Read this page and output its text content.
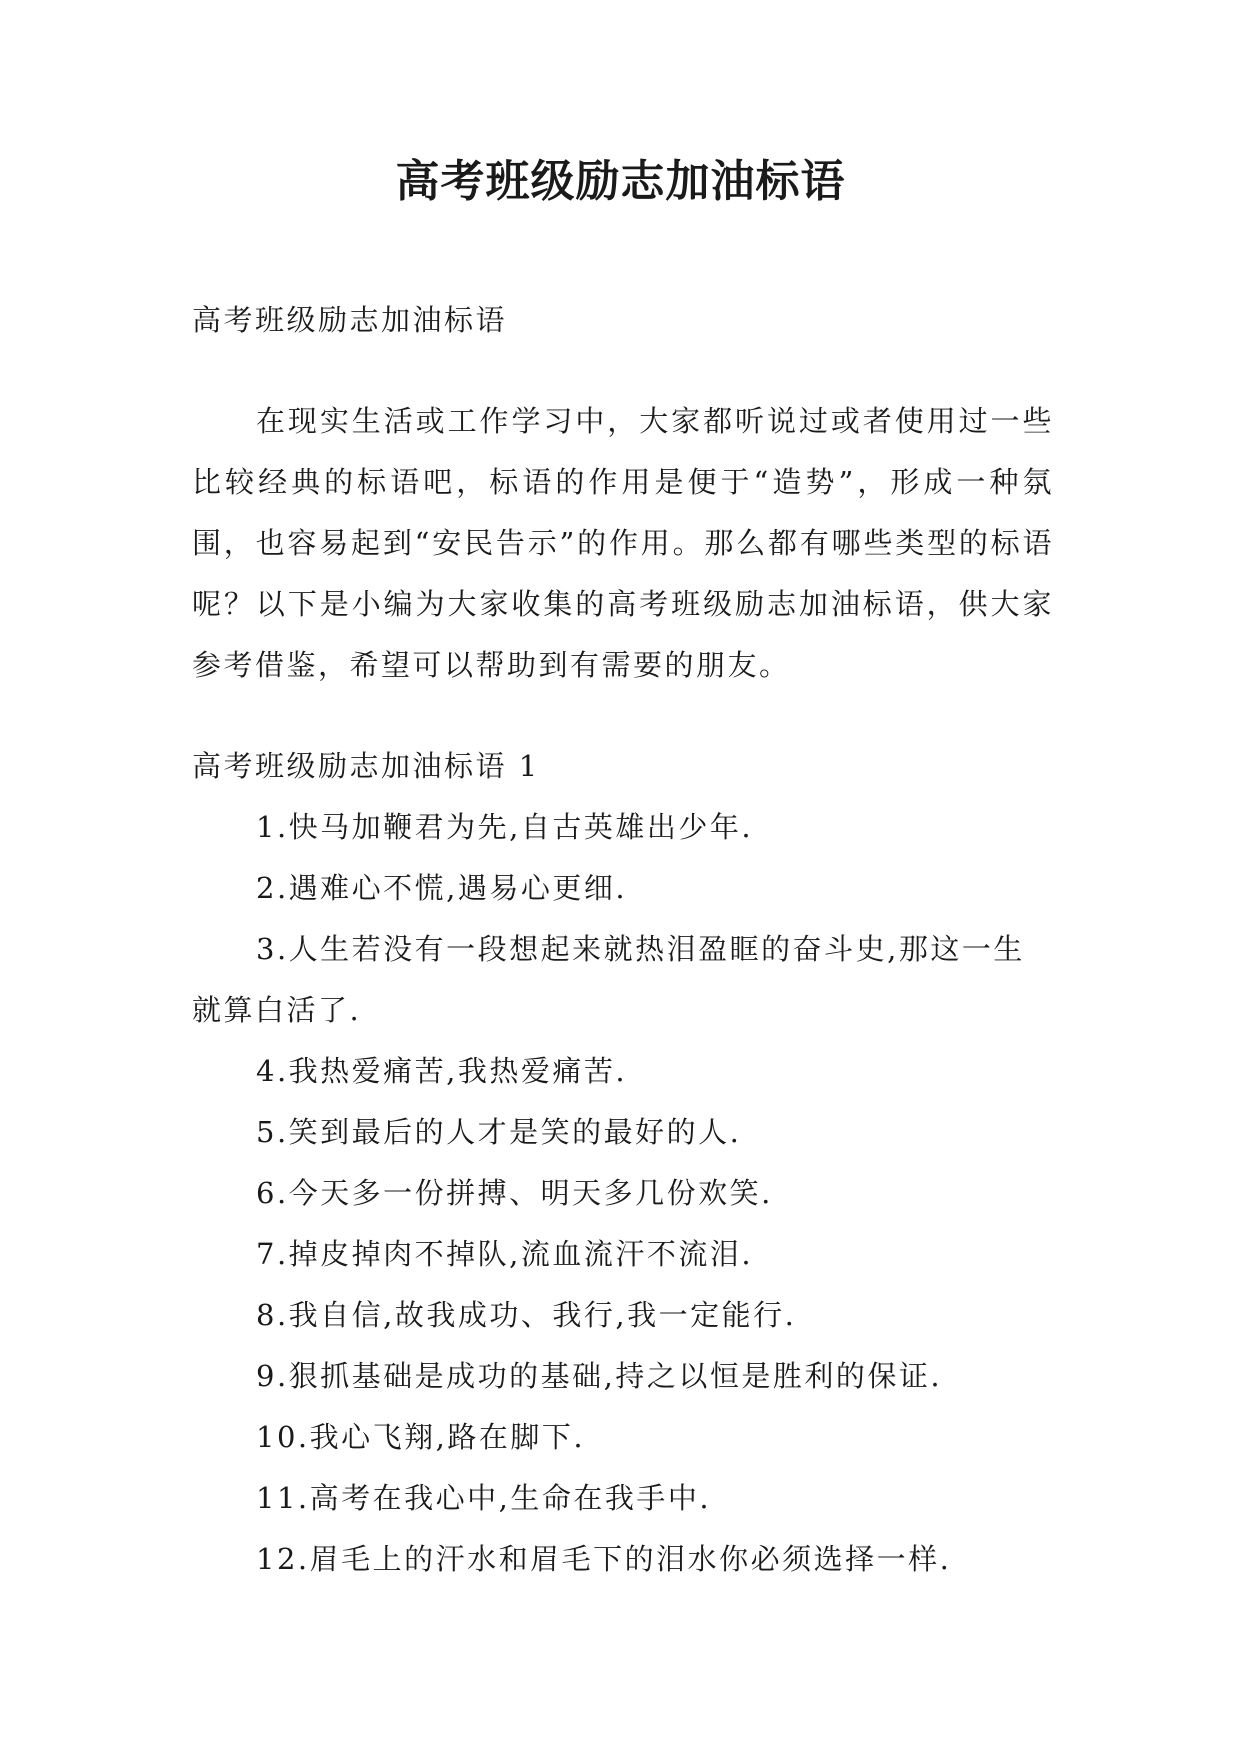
高考班级励志加油标语

高考班级励志加油标语

在现实生活或工作学习中，大家都听说过或者使用过一些比较经典的标语吧，标语的作用是便于“造势”，形成一种氛围，也容易起到“安民告示”的作用。那么都有哪些类型的标语呢？以下是小编为大家收集的高考班级励志加油标语，供大家参考借鉴，希望可以帮助到有需要的朋友。

高考班级励志加油标语 1

1.快马加鞭君为先,自古英雄出少年.

2.遇难心不慌,遇易心更细.

3.人生若没有一段想起来就热泪盈眶的奋斗史,那这一生就算白活了.

4.我热爱痛苦,我热爱痛苦.

5.笑到最后的人才是笑的最好的人.

6.今天多一份拼搏、明天多几份欢笑.

7.掉皮掉肉不掉队,流血流汗不流泪.

8.我自信,故我成功、我行,我一定能行.

9.狠抓基础是成功的基础,持之以恒是胜利的保证.

10.我心飞翔,路在脚下.

11.高考在我心中,生命在我手中.

12.眉毛上的汗水和眉毛下的泪水你必须选择一样.
